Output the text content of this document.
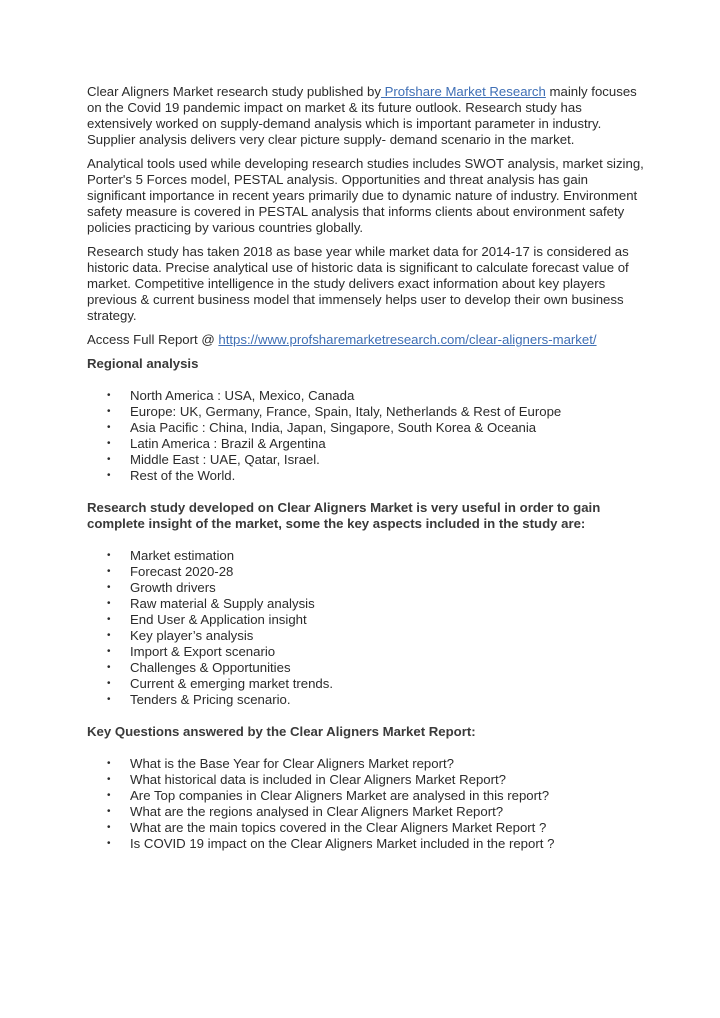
Clear Aligners Market research study published by Profshare Market Research mainly focuses on the Covid 19 pandemic impact on market & its future outlook. Research study has extensively worked on supply-demand analysis which is important parameter in industry. Supplier analysis delivers very clear picture supply- demand scenario in the market.

Analytical tools used while developing research studies includes SWOT analysis, market sizing, Porter's 5 Forces model, PESTAL analysis. Opportunities and threat analysis has gain significant importance in recent years primarily due to dynamic nature of industry. Environment safety measure is covered in PESTAL analysis that informs clients about environment safety policies practicing by various countries globally.

Research study has taken 2018 as base year while market data for 2014-17 is considered as historic data. Precise analytical use of historic data is significant to calculate forecast value of market. Competitive intelligence in the study delivers exact information about key players previous & current business model that immensely helps user to develop their own business strategy.

Access Full Report @ https://www.profsharemarketresearch.com/clear-aligners-market/

Regional analysis

• North America : USA, Mexico, Canada
• Europe: UK, Germany, France, Spain, Italy, Netherlands & Rest of Europe
• Asia Pacific : China, India, Japan, Singapore, South Korea & Oceania
• Latin America : Brazil & Argentina
• Middle East : UAE, Qatar, Israel.
• Rest of the World.

Research study developed on Clear Aligners Market is very useful in order to gain complete insight of the market, some the key aspects included in the study are:

• Market estimation
• Forecast 2020-28
• Growth drivers
• Raw material & Supply analysis
• End User & Application insight
• Key player’s analysis
• Import & Export scenario
• Challenges & Opportunities
• Current & emerging market trends.
• Tenders & Pricing scenario.

Key Questions answered by the Clear Aligners Market Report:

• What is the Base Year for Clear Aligners Market report?
• What historical data is included in Clear Aligners Market Report?
• Are Top companies in Clear Aligners Market are analysed in this report?
• What are the regions analysed in Clear Aligners Market Report?
• What are the main topics covered in the Clear Aligners Market Report ?
• Is COVID 19 impact on the Clear Aligners Market included in the report ?
